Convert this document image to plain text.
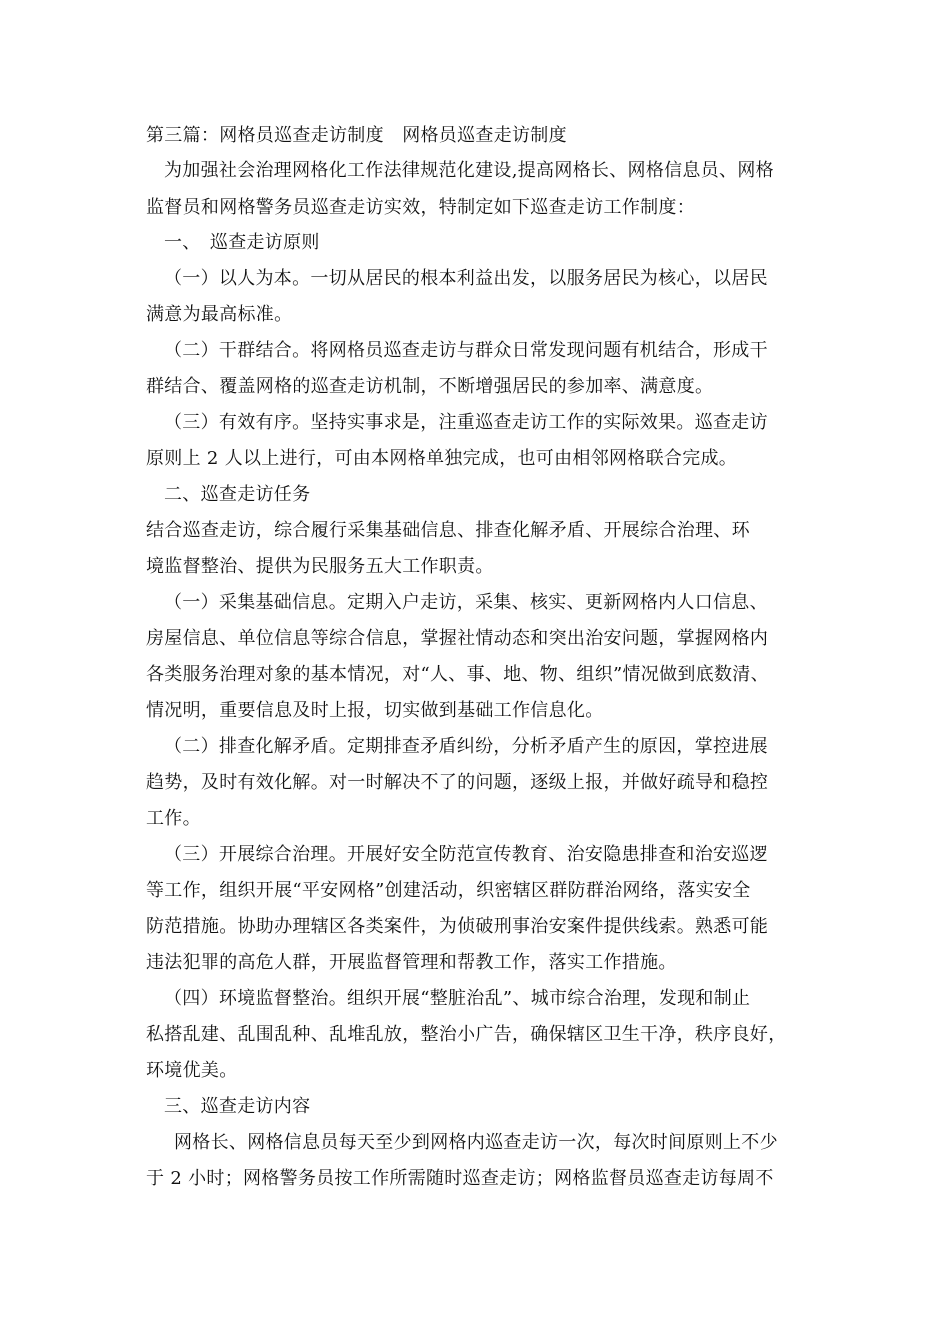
第三篇：网格员巡查走访制度　网格员巡查走访制度
为加强社会治理网格化工作法律规范化建设,提高网格长、网格信息员、网格
监督员和网格警务员巡查走访实效，特制定如下巡查走访工作制度：
一、　巡查走访原则
（一）以人为本。一切从居民的根本利益出发，以服务居民为核心，以居民
满意为最高标准。
（二）干群结合。将网格员巡查走访与群众日常发现问题有机结合，形成干
群结合、覆盖网格的巡查走访机制，不断增强居民的参加率、满意度。
（三）有效有序。坚持实事求是，注重巡查走访工作的实际效果。巡查走访
原则上 2 人以上进行，可由本网格单独完成，也可由相邻网格联合完成。
二、巡查走访任务
结合巡查走访，综合履行采集基础信息、排查化解矛盾、开展综合治理、环
境监督整治、提供为民服务五大工作职责。
（一）采集基础信息。定期入户走访，采集、核实、更新网格内人口信息、
房屋信息、单位信息等综合信息，掌握社情动态和突出治安问题，掌握网格内
各类服务治理对象的基本情况，对“人、事、地、物、组织”情况做到底数清、
情况明，重要信息及时上报，切实做到基础工作信息化。
（二）排查化解矛盾。定期排查矛盾纠纷，分析矛盾产生的原因，掌控进展
趋势，及时有效化解。对一时解决不了的问题，逐级上报，并做好疏导和稳控
工作。
（三）开展综合治理。开展好安全防范宣传教育、治安隐患排查和治安巡逻
等工作，组织开展“平安网格”创建活动，织密辖区群防群治网络，落实安全
防范措施。协助办理辖区各类案件，为侦破刑事治安案件提供线索。熟悉可能
违法犯罪的高危人群，开展监督管理和帮教工作，落实工作措施。
（四）环境监督整治。组织开展“整脏治乱”、城市综合治理，发现和制止
私搭乱建、乱围乱种、乱堆乱放，整治小广告，确保辖区卫生干净，秩序良好，
环境优美。
三、巡查走访内容
网格长、网格信息员每天至少到网格内巡查走访一次，每次时间原则上不少
于 2 小时；网格警务员按工作所需随时巡查走访；网格监督员巡查走访每周不
